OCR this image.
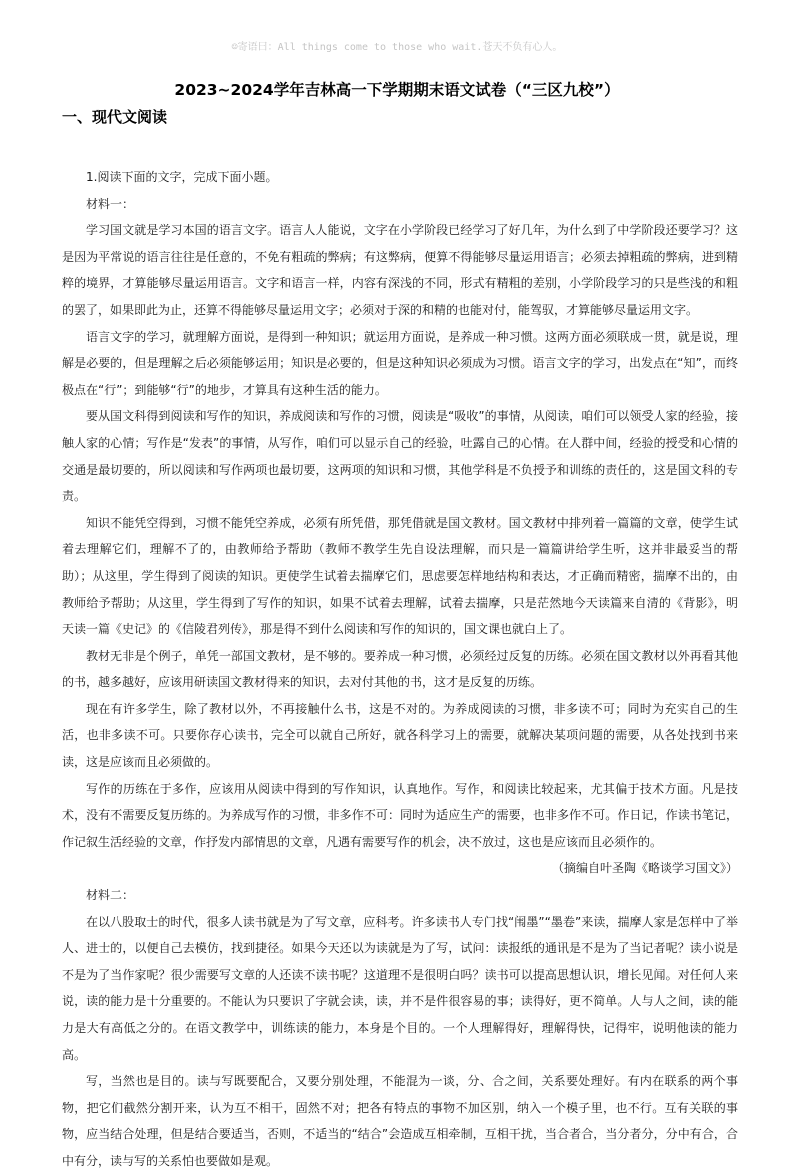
☺寄语曰：All things come to those who wait.苍天不负有心人。
2023~2024学年吉林高一下学期期末语文试卷（“三区九校”）
一、现代文阅读

1.阅读下面的文字，完成下面小题。

材料一：

学习国文就是学习本国的语言文字。语言人人能说，文字在小学阶段已经学习了好几年，为什么到了中学阶段还要学习？这是因为平常说的语言往往是任意的，不免有粗疏的弊病；有这弊病，便算不得能够尽量运用语言；必须去掉粗疏的弊病，进到精粹的境界，才算能够尽量运用语言。文字和语言一样，内容有深浅的不同，形式有精粗的差别，小学阶段学习的只是些浅的和粗的罢了，如果即此为止，还算不得能够尽量运用文字；必须对于深的和精的也能对付，能驾驭，才算能够尽量运用文字。

语言文字的学习，就理解方面说，是得到一种知识；就运用方面说，是养成一种习惯。这两方面必须联成一贯，就是说，理解是必要的，但是理解之后必须能够运用；知识是必要的，但是这种知识必须成为习惯。语言文字的学习，出发点在“知”，而终极点在“行”；到能够“行”的地步，才算具有这种生活的能力。

要从国文科得到阅读和写作的知识，养成阅读和写作的习惯，阅读是“吸收”的事情，从阅读，咱们可以领受人家的经验，接触人家的心情；写作是“发表”的事情，从写作，咱们可以显示自己的经验，吐露自己的心情。在人群中间，经验的授受和心情的交通是最切要的，所以阅读和写作两项也最切要，这两项的知识和习惯，其他学科是不负授予和训练的责任的，这是国文科的专责。

知识不能凭空得到，习惯不能凭空养成，必须有所凭借，那凭借就是国文教材。国文教材中排列着一篇篇的文章，使学生试着去理解它们，理解不了的，由教师给予帮助（教师不教学生先自设法理解，而只是一篇篇讲给学生听，这并非最妥当的帮助）；从这里，学生得到了阅读的知识。更使学生试着去揣摩它们，思虑要怎样地结构和表达，才正确而精密，揣摩不出的，由教师给予帮助；从这里，学生得到了写作的知识，如果不试着去理解，试着去揣摩，只是茫然地今天读篇来自清的《背影》，明天读一篇《史记》的《信陵君列传》，那是得不到什么阅读和写作的知识的，国文课也就白上了。

教材无非是个例子，单凭一部国文教材，是不够的。要养成一种习惯，必须经过反复的历练。必须在国文教材以外再看其他的书，越多越好，应该用研读国文教材得来的知识，去对付其他的书，这才是反复的历练。

现在有许多学生，除了教材以外，不再接触什么书，这是不对的。为养成阅读的习惯，非多读不可；同时为充实自己的生活，也非多读不可。只要你存心读书，完全可以就自己所好，就各科学习上的需要，就解决某项问题的需要，从各处找到书来读，这是应该而且必须做的。

写作的历练在于多作，应该用从阅读中得到的写作知识，认真地作。写作，和阅读比较起来，尤其偏于技术方面。凡是技术，没有不需要反复历练的。为养成写作的习惯，非多作不可：同时为适应生产的需要，也非多作不可。作日记，作读书笔记，作记叙生活经验的文章，作抒发内部情思的文章，凡遇有需要写作的机会，决不放过，这也是应该而且必须作的。

（摘编自叶圣陶《略谈学习国文》）

材料二：

在以八股取士的时代，很多人读书就是为了写文章，应科考。许多读书人专门找“闱墨”“墨卷”来读，揣摩人家是怎样中了举人、进士的，以便自己去模仿，找到捷径。如果今天还以为读就是为了写，试问：读报纸的通讯是不是为了当记者呢？读小说是不是为了当作家呢？很少需要写文章的人还读不读书呢？这道理不是很明白吗？读书可以提高思想认识，增长见闻。对任何人来说，读的能力是十分重要的。不能认为只要识了字就会读，读，并不是件很容易的事；读得好，更不简单。人与人之间，读的能力是大有高低之分的。在语文教学中，训练读的能力，本身是个目的。一个人理解得好，理解得快，记得牢，说明他读的能力高。

写，当然也是目的。读与写既要配合，又要分别处理，不能混为一谈，分、合之间，关系要处理好。有内在联系的两个事物，把它们截然分割开来，认为互不相干，固然不对；把各有特点的事物不加区别，纳入一个模子里，也不行。互有关联的事物，应当结合处理，但是结合要适当，否则，不适当的“结合”会造成互相牵制，互相干扰，当合者合，当分者分，分中有合，合中有分，读与写的关系怕也要做如是观。
